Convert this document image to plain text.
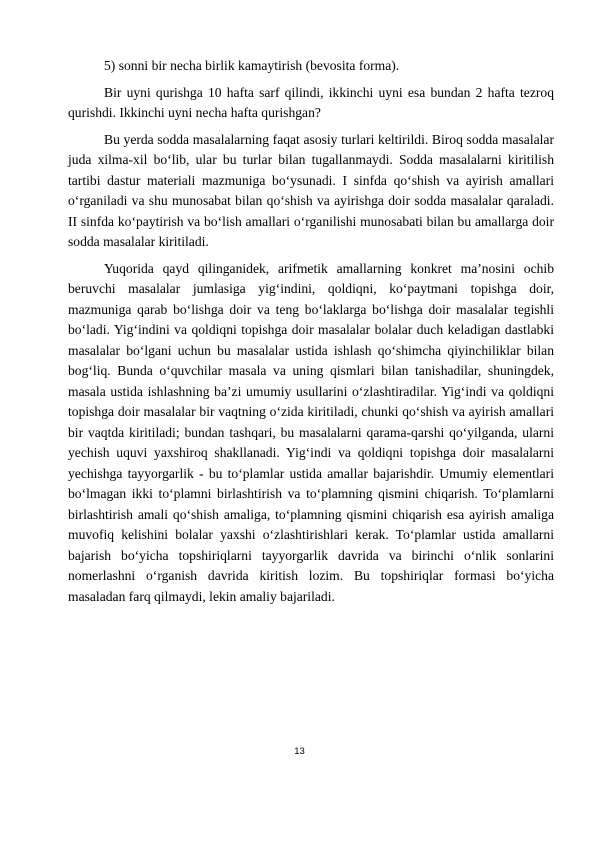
5) sonni bir necha birlik kamaytirish (bevosita forma).

Bir uyni qurishga 10 hafta sarf qilindi, ikkinchi uyni esa bundan 2 hafta tezroq qurishdi. Ikkinchi uyni necha hafta qurishgan?

Bu yerda sodda masalalarning faqat asosiy turlari keltirildi. Biroq sodda masalalar juda xilma-xil bo‘lib, ular bu turlar bilan tugallanmaydi. Sodda masalalarni kiritilish tartibi dastur materiali mazmuniga bo‘ysunadi. I sinfda qo‘shish va ayirish amallari o‘rganiladi va shu munosabat bilan qo‘shish va ayirishga doir sodda masalalar qaraladi. II sinfda ko‘paytirish va bo‘lish amallari o‘rganilishi munosabati bilan bu amallarga doir sodda masalalar kiritiladi.

Yuqorida qayd qilinganidek, arifmetik amallarning konkret ma’nosini ochib beruvchi masalalar jumlasiga yig‘indini, qoldiqni, ko‘paytmani topishga doir, mazmuniga qarab bo‘lishga doir va teng bo‘laklarga bo‘lishga doir masalalar tegishli bo‘ladi. Yig‘indini va qoldiqni topishga doir masalalar bolalar duch keladigan dastlabki masalalar bo‘lgani uchun bu masalalar ustida ishlash qo‘shimcha qiyinchiliklar bilan bog‘liq. Bunda o‘quvchilar masala va uning qismlari bilan tanishadilar, shuningdek, masala ustida ishlashning ba’zi umumiy usullarini o‘zlashtiradilar. Yig‘indi va qoldiqni topishga doir masalalar bir vaqtning o‘zida kiritiladi, chunki qo‘shish va ayirish amallari bir vaqtda kiritiladi; bundan tashqari, bu masalalarni qarama-qarshi qo‘yilganda, ularni yechish uquvi yaxshiroq shakllanadi. Yig‘indi va qoldiqni topishga doir masalalarni yechishga tayyorgarlik - bu to‘plamlar ustida amallar bajarishdir. Umumiy elementlari bo‘lmagan ikki to‘plamni birlashtirish va to‘plamning qismini chiqarish. To‘plamlarni birlashtirish amali qo‘shish amaliga, to‘plamning qismini chiqarish esa ayirish amaliga muvofiq kelishini bolalar yaxshi o‘zlashtirishlari kerak. To‘plamlar ustida amallarni bajarish bo‘yicha topshiriqlarni tayyorgarlik davrida va birinchi o‘nlik sonlarini nomerlashni o‘rganish davrida kiritish lozim. Bu topshiriqlar formasi bo‘yicha masaladan farq qilmaydi, lekin amaliy bajariladi.

13
